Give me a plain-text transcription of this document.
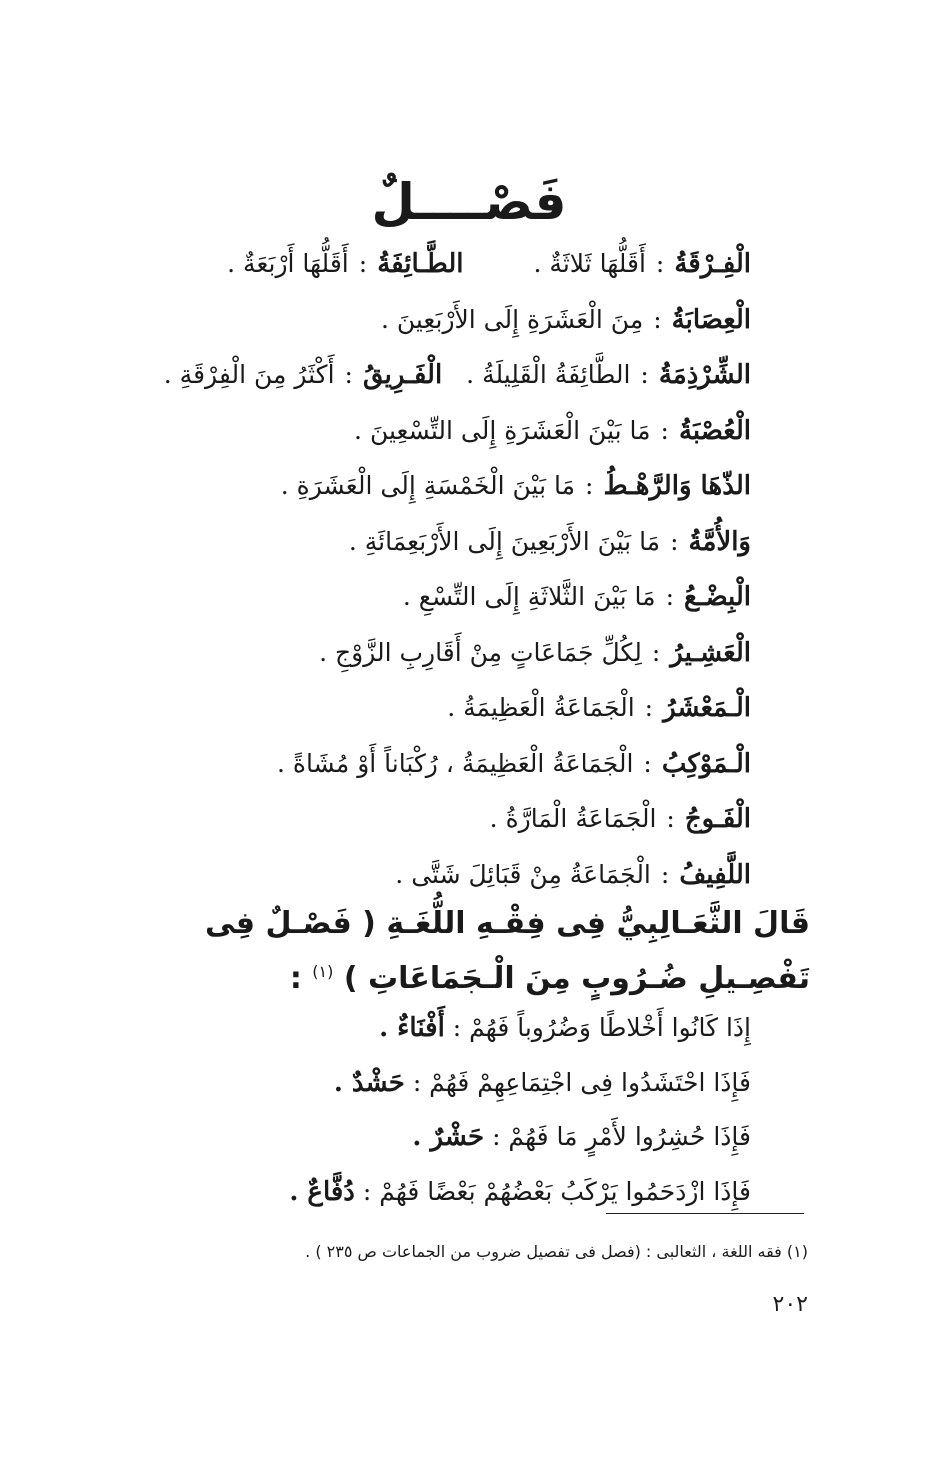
فَصْــــلٌ
الْفِـرْقَةُ
:
أَقَلُّهَا ثَلاثَةٌ .
الطَّـائِفَةُ
:
أَقَلُّهَا أَرْبَعَةٌ .
الْعِصَابَةُ
:
مِنَ الْعَشَرَةِ إِلَى الأَرْبَعِينَ .
الشِّرْذِمَةُ
:
الطَّائِفَةُ الْقَلِيلَةُ .
الْفَـرِيقُ
:
أَكْثَرُ مِنَ الْفِرْقَةِ .
الْعُصْبَةُ
:
مَا بَيْنَ الْعَشَرَةِ إِلَى التِّسْعِينَ .
الذّهَا وَالرَّهْـطُ
:
مَا بَيْنَ الْخَمْسَةِ إِلَى الْعَشَرَةِ .
وَالأُمَّةُ
:
مَا بَيْنَ الأَرْبَعِينَ إِلَى الأَرْبَعِمَائَةِ .
الْبِضْـعُ
:
مَا بَيْنَ الثَّلاثَةِ إِلَى التِّسْعِ .
الْعَشِـيرُ
:
لِكُلِّ جَمَاعَاتٍ مِنْ أَقَارِبِ الزَّوْجِ .
الْـمَعْشَرُ
:
الْجَمَاعَةُ الْعَظِيمَةُ .
الْـمَوْكِبُ
:
الْجَمَاعَةُ الْعَظِيمَةُ ، رُكْبَاناً أَوْ مُشَاةً .
الْفَـوجُ
:
الْجَمَاعَةُ الْمَارَّةُ .
اللَّفِيفُ
:
الْجَمَاعَةُ مِنْ قَبَائِلَ شَتَّى .
قَالَ الثَّعَـالِبِيُّ فِى فِقْـهِ اللُّغَـةِ ( فَصْـلٌ فِى تَفْصِـيلِ ضُـرُوبٍ مِنَ الْـجَمَاعَاتِ ) $^{(١)}$ :
إِذَا كَانُوا أَخْلاطًا وَضُرُوباً فَهُمْ : أَفْنَاءٌ .
فَإِذَا احْتَشَدُوا فِى اجْتِمَاعِهِمْ فَهُمْ : حَشْدٌ .
فَإِذَا حُشِرُوا لأَمْرٍ مَا فَهُمْ : حَشْرٌ .
فَإِذَا ازْدَحَمُوا يَرْكَبُ بَعْضُهُمْ بَعْضًا فَهُمْ : دُفَّاعٌ .
(١) فقه اللغة ، الثعالبى : (فصل فى تفصيل ضروب من الجماعات ص ٢٣٥ ) .
٢٠٢
